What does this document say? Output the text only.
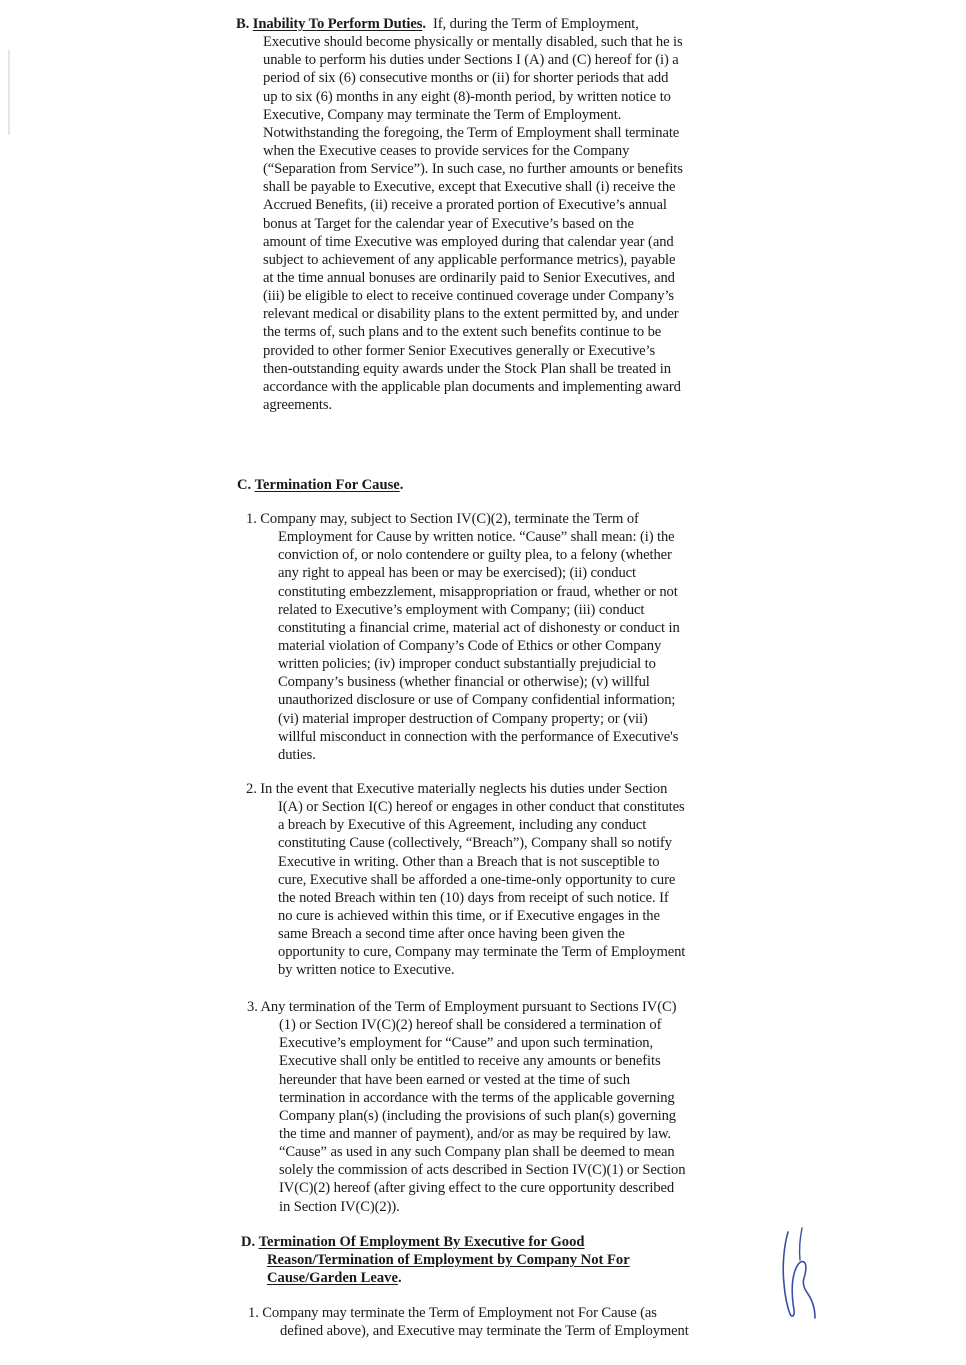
B. Inability To Perform Duties. If, during the Term of Employment,
Executive should become physically or mentally disabled, such that he is
unable to perform his duties under Sections I (A) and (C) hereof for (i) a
period of six (6) consecutive months or (ii) for shorter periods that add
up to six (6) months in any eight (8)-month period, by written notice to
Executive, Company may terminate the Term of Employment.
Notwithstanding the foregoing, the Term of Employment shall terminate
when the Executive ceases to provide services for the Company
(“Separation from Service”). In such case, no further amounts or benefits
shall be payable to Executive, except that Executive shall (i) receive the
Accrued Benefits, (ii) receive a prorated portion of Executive’s annual
bonus at Target for the calendar year of Executive’s based on the
amount of time Executive was employed during that calendar year (and
subject to achievement of any applicable performance metrics), payable
at the time annual bonuses are ordinarily paid to Senior Executives, and
(iii) be eligible to elect to receive continued coverage under Company’s
relevant medical or disability plans to the extent permitted by, and under
the terms of, such plans and to the extent such benefits continue to be
provided to other former Senior Executives generally or Executive’s
then-outstanding equity awards under the Stock Plan shall be treated in
accordance with the applicable plan documents and implementing award
agreements.
C. Termination For Cause.
1. Company may, subject to Section IV(C)(2), terminate the Term of
Employment for Cause by written notice. “Cause” shall mean: (i) the
conviction of, or nolo contendere or guilty plea, to a felony (whether
any right to appeal has been or may be exercised); (ii) conduct
constituting embezzlement, misappropriation or fraud, whether or not
related to Executive’s employment with Company; (iii) conduct
constituting a financial crime, material act of dishonesty or conduct in
material violation of Company’s Code of Ethics or other Company
written policies; (iv) improper conduct substantially prejudicial to
Company’s business (whether financial or otherwise); (v) willful
unauthorized disclosure or use of Company confidential information;
(vi) material improper destruction of Company property; or (vii)
willful misconduct in connection with the performance of Executive's
duties.
2. In the event that Executive materially neglects his duties under Section
I(A) or Section I(C) hereof or engages in other conduct that constitutes
a breach by Executive of this Agreement, including any conduct
constituting Cause (collectively, “Breach”), Company shall so notify
Executive in writing. Other than a Breach that is not susceptible to
cure, Executive shall be afforded a one-time-only opportunity to cure
the noted Breach within ten (10) days from receipt of such notice. If
no cure is achieved within this time, or if Executive engages in the
same Breach a second time after once having been given the
opportunity to cure, Company may terminate the Term of Employment
by written notice to Executive.
3. Any termination of the Term of Employment pursuant to Sections IV(C)
(1) or Section IV(C)(2) hereof shall be considered a termination of
Executive’s employment for “Cause” and upon such termination,
Executive shall only be entitled to receive any amounts or benefits
hereunder that have been earned or vested at the time of such
termination in accordance with the terms of the applicable governing
Company plan(s) (including the provisions of such plan(s) governing
the time and manner of payment), and/or as may be required by law.
“Cause” as used in any such Company plan shall be deemed to mean
solely the commission of acts described in Section IV(C)(1) or Section
IV(C)(2) hereof (after giving effect to the cure opportunity described
in Section IV(C)(2)).
D. Termination Of Employment By Executive for Good
Reason/Termination of Employment by Company Not For
Cause/Garden Leave.
1. Company may terminate the Term of Employment not For Cause (as
defined above), and Executive may terminate the Term of Employment
